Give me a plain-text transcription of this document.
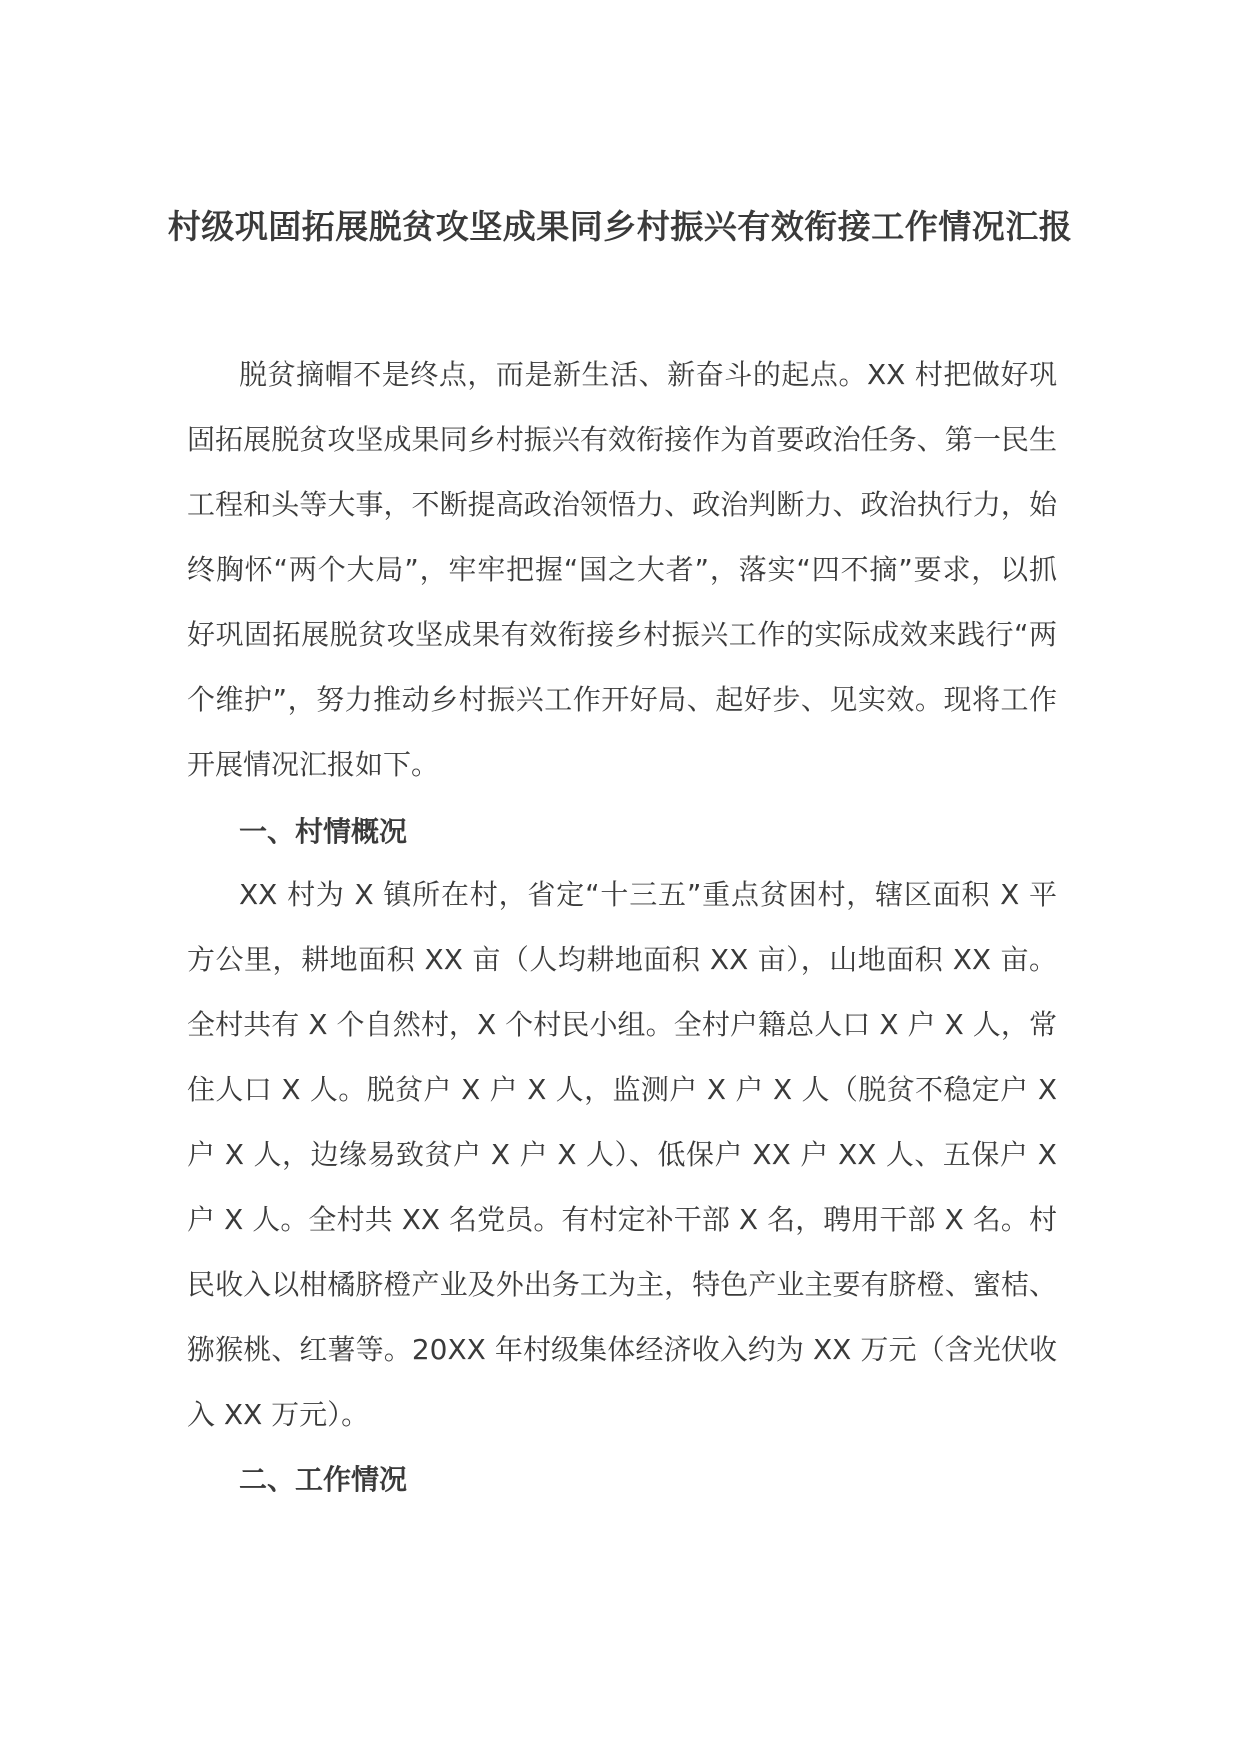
村级巩固拓展脱贫攻坚成果同乡村振兴有效衔接工作情况汇报

脱贫摘帽不是终点，而是新生活、新奋斗的起点。XX 村把做好巩固拓展脱贫攻坚成果同乡村振兴有效衔接作为首要政治任务、第一民生工程和头等大事，不断提高政治领悟力、政治判断力、政治执行力，始终胸怀“两个大局”，牢牢把握“国之大者”，落实“四不摘”要求，以抓好巩固拓展脱贫攻坚成果有效衔接乡村振兴工作的实际成效来践行“两个维护”，努力推动乡村振兴工作开好局、起好步、见实效。现将工作开展情况汇报如下。

一、村情概况

XX 村为 X 镇所在村，省定“十三五”重点贫困村，辖区面积 X 平方公里，耕地面积 XX 亩（人均耕地面积 XX 亩），山地面积 XX 亩。全村共有 X 个自然村，X 个村民小组。全村户籍总人口 X 户 X 人，常住人口 X 人。脱贫户 X 户 X 人，监测户 X 户 X 人（脱贫不稳定户 X 户 X 人，边缘易致贫户 X 户 X 人）、低保户 XX 户 XX 人、五保户 X 户 X 人。全村共 XX 名党员。有村定补干部 X 名，聘用干部 X 名。村民收入以柑橘脐橙产业及外出务工为主，特色产业主要有脐橙、蜜桔、猕猴桃、红薯等。20XX 年村级集体经济收入约为 XX 万元（含光伏收入 XX 万元）。

二、工作情况
